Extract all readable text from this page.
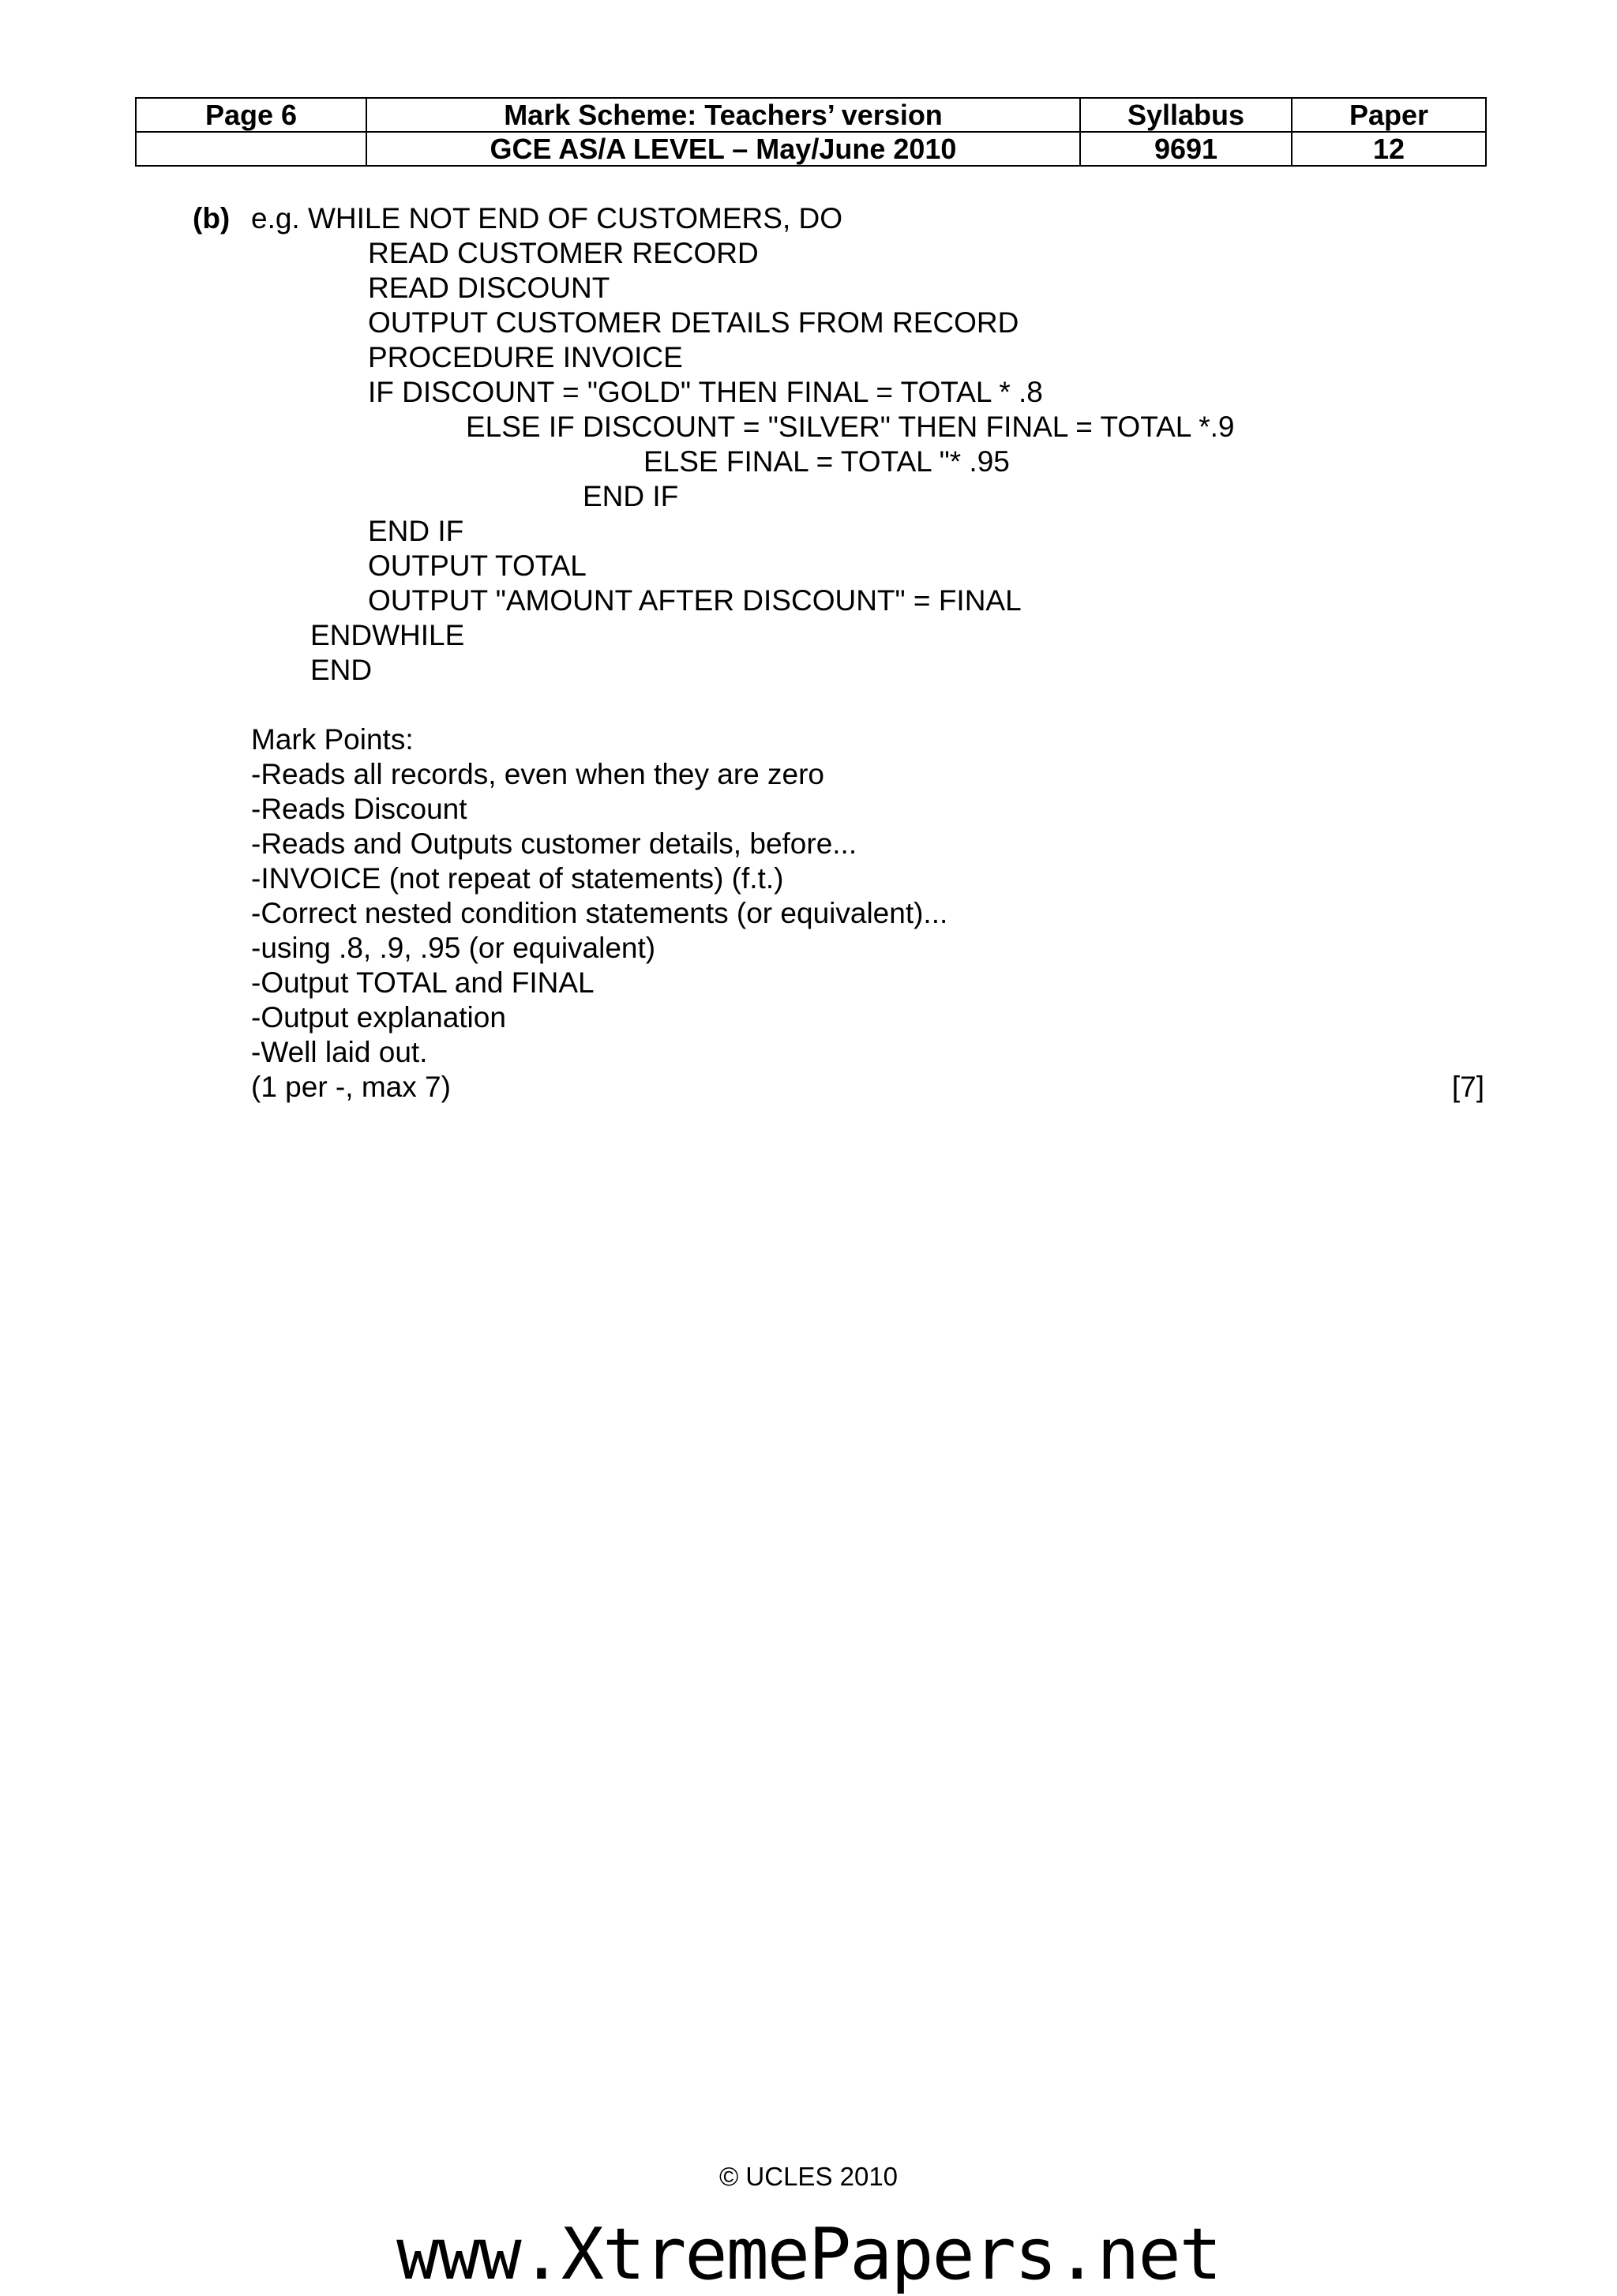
Page 6	Mark Scheme: Teachers’ version	Syllabus	Paper
	GCE AS/A LEVEL – May/June 2010	9691	12
(b) e.g. WHILE NOT END OF CUSTOMERS, DO
READ CUSTOMER RECORD
READ DISCOUNT
OUTPUT CUSTOMER DETAILS FROM RECORD
PROCEDURE INVOICE
IF DISCOUNT = "GOLD" THEN FINAL = TOTAL * .8
ELSE IF DISCOUNT = "SILVER" THEN FINAL = TOTAL *.9
ELSE FINAL = TOTAL "* .95
END IF
END IF
OUTPUT TOTAL
OUTPUT "AMOUNT AFTER DISCOUNT" = FINAL
ENDWHILE
END
Mark Points:
-Reads all records, even when they are zero
-Reads Discount
-Reads and Outputs customer details, before...
-INVOICE (not repeat of statements) (f.t.)
-Correct nested condition statements (or equivalent)...
-using .8, .9, .95 (or equivalent)
-Output TOTAL and FINAL
-Output explanation
-Well laid out.
(1 per -, max 7)	[7]
© UCLES 2010
www.XtremePapers.net
